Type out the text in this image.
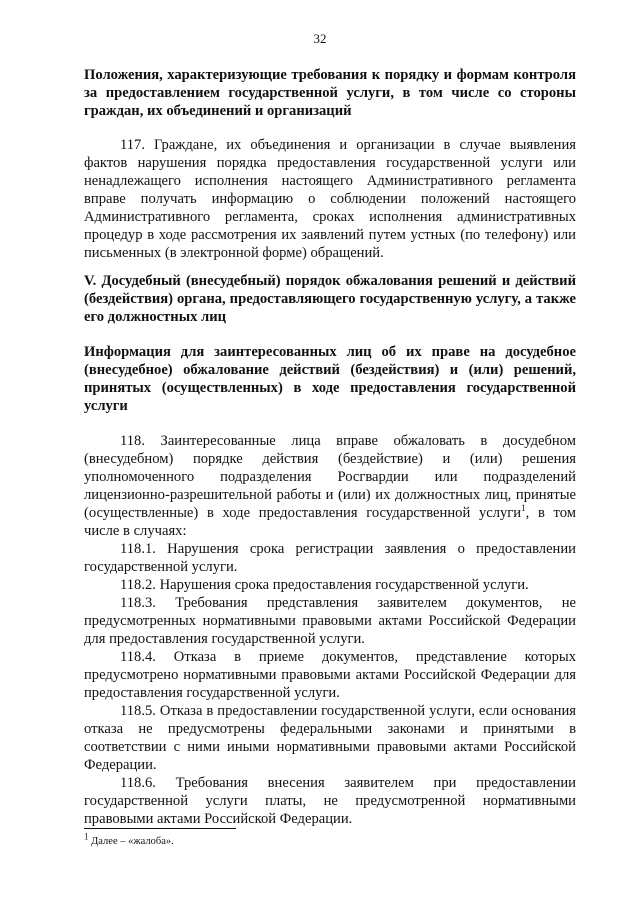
32
Положения, характеризующие требования к порядку и формам контроля за предоставлением государственной услуги, в том числе со стороны граждан, их объединений и организаций
117. Граждане, их объединения и организации в случае выявления фактов нарушения порядка предоставления государственной услуги или ненадлежащего исполнения настоящего Административного регламента вправе получать информацию о соблюдении положений настоящего Административного регламента, сроках исполнения административных процедур в ходе рассмотрения их заявлений путем устных (по телефону) или письменных (в электронной форме) обращений.
V. Досудебный (внесудебный) порядок обжалования решений и действий (бездействия) органа, предоставляющего государственную услугу, а также его должностных лиц
Информация для заинтересованных лиц об их праве на досудебное (внесудебное) обжалование действий (бездействия) и (или) решений, принятых (осуществленных) в ходе предоставления государственной услуги
118. Заинтересованные лица вправе обжаловать в досудебном (внесудебном) порядке действия (бездействие) и (или) решения уполномоченного подразделения Росгвардии или подразделений лицензионно-разрешительной работы и (или) их должностных лиц, принятые (осуществленные) в ходе предоставления государственной услуги$^1$, в том числе в случаях:
118.1. Нарушения срока регистрации заявления о предоставлении государственной услуги.
118.2. Нарушения срока предоставления государственной услуги.
118.3. Требования представления заявителем документов, не предусмотренных нормативными правовыми актами Российской Федерации для предоставления государственной услуги.
118.4. Отказа в приеме документов, представление которых предусмотрено нормативными правовыми актами Российской Федерации для предоставления государственной услуги.
118.5. Отказа в предоставлении государственной услуги, если основания отказа не предусмотрены федеральными законами и принятыми в соответствии с ними иными нормативными правовыми актами Российской Федерации.
118.6. Требования внесения заявителем при предоставлении государственной услуги платы, не предусмотренной нормативными правовыми актами Российской Федерации.
$^1$ Далее – «жалоба».
